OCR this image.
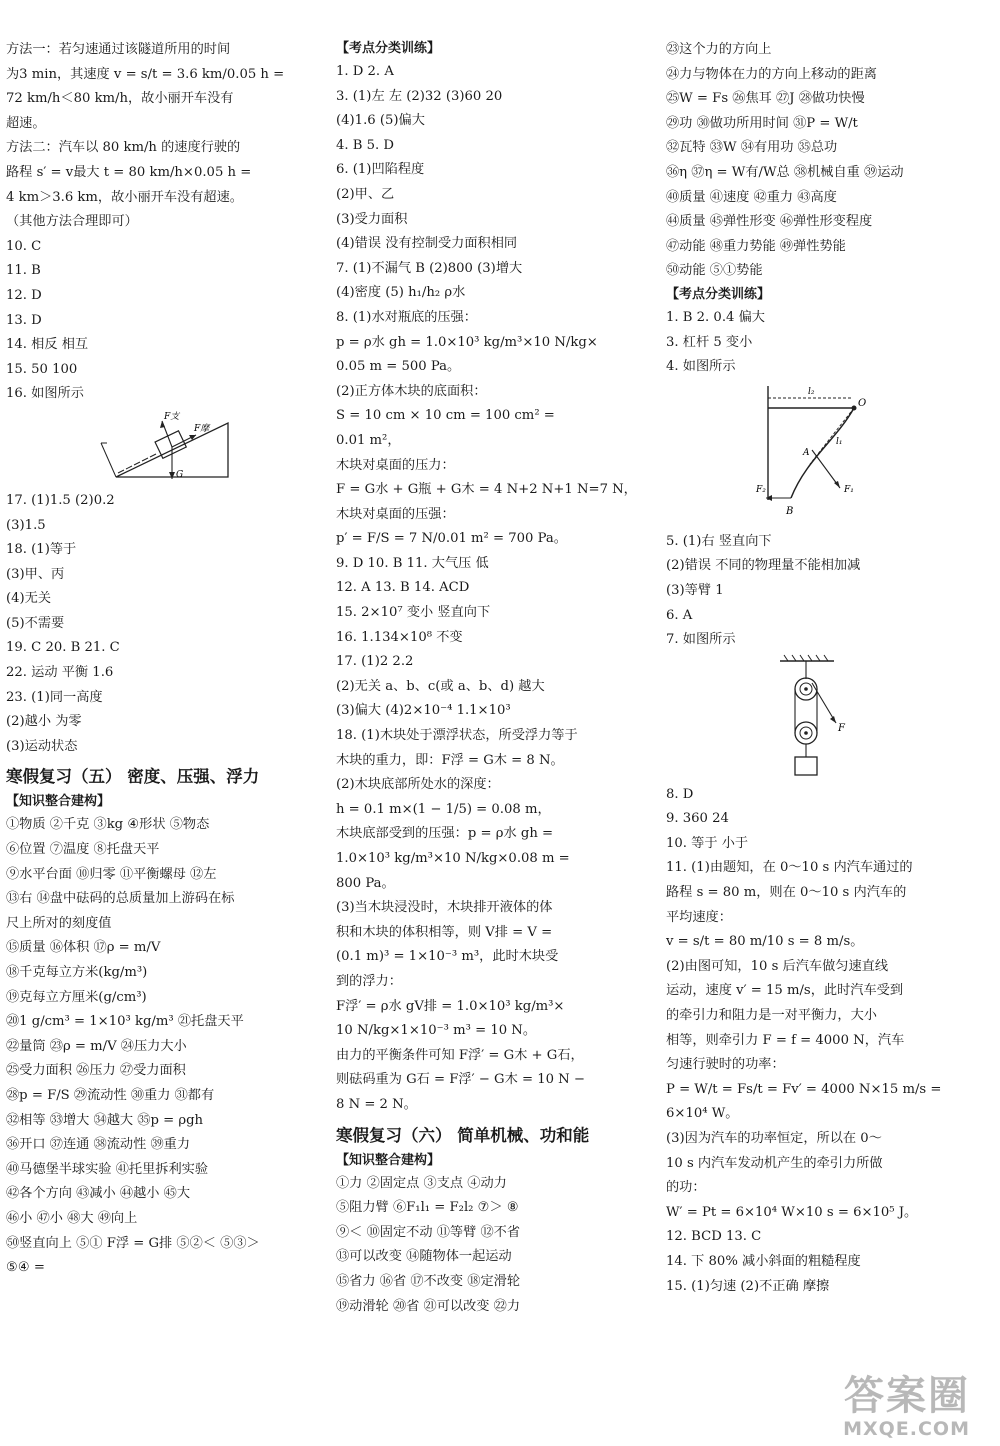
方法一：若匀速通过该隧道所用的时间
为3 min，其速度 v = s/t = 3.6 km/0.05 h =
72 km/h＜80 km/h，故小丽开车没有
超速。
方法二：汽车以 80 km/h 的速度行驶的
路程 s′ = v最大 t = 80 km/h×0.05 h =
4 km＞3.6 km，故小丽开车没有超速。
（其他方法合理即可）
10. C
11. B
12. D
13. D
14. 相反 相互
15. 50 100
16. 如图所示
F支
F摩
G
17. (1)1.5 (2)0.2
(3)1.5
18. (1)等于
(3)甲、丙
(4)无关
(5)不需要
19. C 20. B 21. C
22. 运动 平衡 1.6
23. (1)同一高度
(2)越小 为零
(3)运动状态
寒假复习（五） 密度、压强、浮力
【知识整合建构】
①物质 ②千克 ③kg ④形状 ⑤物态
⑥位置 ⑦温度 ⑧托盘天平
⑨水平台面 ⑩归零 ⑪平衡螺母 ⑫左
⑬右 ⑭盘中砝码的总质量加上游码在标
尺上所对的刻度值
⑮质量 ⑯体积 ⑰ρ = m/V
⑱千克每立方米(kg/m³)
⑲克每立方厘米(g/cm³)
⑳1 g/cm³ = 1×10³ kg/m³ ㉑托盘天平
㉒量筒 ㉓ρ = m/V ㉔压力大小
㉕受力面积 ㉖压力 ㉗受力面积
㉘p = F/S ㉙流动性 ㉚重力 ㉛都有
㉜相等 ㉝增大 ㉞越大 ㉟p = ρgh
㊱开口 ㊲连通 ㊳流动性 ㊴重力
㊵马德堡半球实验 ㊶托里拆利实验
㊷各个方向 ㊸减小 ㊹越小 ㊺大
㊻小 ㊼小 ㊽大 ㊾向上
㊿竖直向上 ⑤① F浮 = G排 ⑤②＜ ⑤③＞
⑤④ =
【考点分类训练】
1. D 2. A
3. (1)左 左 (2)32 (3)60 20
(4)1.6 (5)偏大
4. B 5. D
6. (1)凹陷程度
(2)甲、乙
(3)受力面积
(4)错误 没有控制受力面积相同
7. (1)不漏气 B (2)800 (3)增大
(4)密度 (5) h₁/h₂ ρ水
8. (1)水对瓶底的压强：
p = ρ水 gh = 1.0×10³ kg/m³×10 N/kg×
0.05 m = 500 Pa。
(2)正方体木块的底面积：
S = 10 cm × 10 cm = 100 cm² =
0.01 m²，
木块对桌面的压力：
F = G水 + G瓶 + G木 = 4 N+2 N+1 N=7 N，
木块对桌面的压强：
p′ = F/S = 7 N/0.01 m² = 700 Pa。
9. D 10. B 11. 大气压 低
12. A 13. B 14. ACD
15. 2×10⁷ 变小 竖直向下
16. 1.134×10⁸ 不变
17. (1)2 2.2
(2)无关 a、b、c(或 a、b、d) 越大
(3)偏大 (4)2×10⁻⁴ 1.1×10³
18. (1)木块处于漂浮状态，所受浮力等于
木块的重力，即：F浮 = G木 = 8 N。
(2)木块底部所处水的深度：
h = 0.1 m×(1 − 1/5) = 0.08 m，
木块底部受到的压强：p = ρ水 gh =
1.0×10³ kg/m³×10 N/kg×0.08 m =
800 Pa。
(3)当木块浸没时，木块排开液体的体
积和木块的体积相等，则 V排 = V =
(0.1 m)³ = 1×10⁻³ m³，此时木块受
到的浮力：
F浮′ = ρ水 gV排 = 1.0×10³ kg/m³×
10 N/kg×1×10⁻³ m³ = 10 N。
由力的平衡条件可知 F浮′ = G木 + G石，
则砝码重为 G石 = F浮′ − G木 = 10 N −
8 N = 2 N。
寒假复习（六） 简单机械、功和能
【知识整合建构】
①力 ②固定点 ③支点 ④动力
⑤阻力臂 ⑥F₁l₁ = F₂l₂ ⑦＞ ⑧
⑨＜ ⑩固定不动 ⑪等臂 ⑫不省
⑬可以改变 ⑭随物体一起运动
⑮省力 ⑯省 ⑰不改变 ⑱定滑轮
⑲动滑轮 ⑳省 ㉑可以改变 ㉒力
㉓这个力的方向上
㉔力与物体在力的方向上移动的距离
㉕W = Fs ㉖焦耳 ㉗J ㉘做功快慢
㉙功 ㉚做功所用时间 ㉛P = W/t
㉜瓦特 ㉝W ㉞有用功 ㉟总功
㊱η ㊲η = W有/W总 ㊳机械自重 ㊴运动
㊵质量 ㊶速度 ㊷重力 ㊸高度
㊹质量 ㊺弹性形变 ㊻弹性形变程度
㊼动能 ㊽重力势能 ㊾弹性势能
㊿动能 ⑤①势能
【考点分类训练】
1. B 2. 0.4 偏大
3. 杠杆 5 变小
4. 如图所示
l₂
O
A
l₁
F₁
F₂
B
5. (1)右 竖直向下
(2)错误 不同的物理量不能相加减
(3)等臂 1
6. A
7. 如图所示
F
8. D
9. 360 24
10. 等于 小于
11. (1)由题知，在 0～10 s 内汽车通过的
路程 s = 80 m，则在 0～10 s 内汽车的
平均速度：
v = s/t = 80 m/10 s = 8 m/s。
(2)由图可知，10 s 后汽车做匀速直线
运动，速度 v′ = 15 m/s，此时汽车受到
的牵引力和阻力是一对平衡力，大小
相等，则牵引力 F = f = 4000 N，汽车
匀速行驶时的功率：
P = W/t = Fs/t = Fv′ = 4000 N×15 m/s =
6×10⁴ W。
(3)因为汽车的功率恒定，所以在 0～
10 s 内汽车发动机产生的牵引力所做
的功：
W′ = Pt = 6×10⁴ W×10 s = 6×10⁵ J。
12. BCD 13. C
14. 下 80% 减小斜面的粗糙程度
15. (1)匀速 (2)不正确 摩擦
答案圈
MXQE.COM
